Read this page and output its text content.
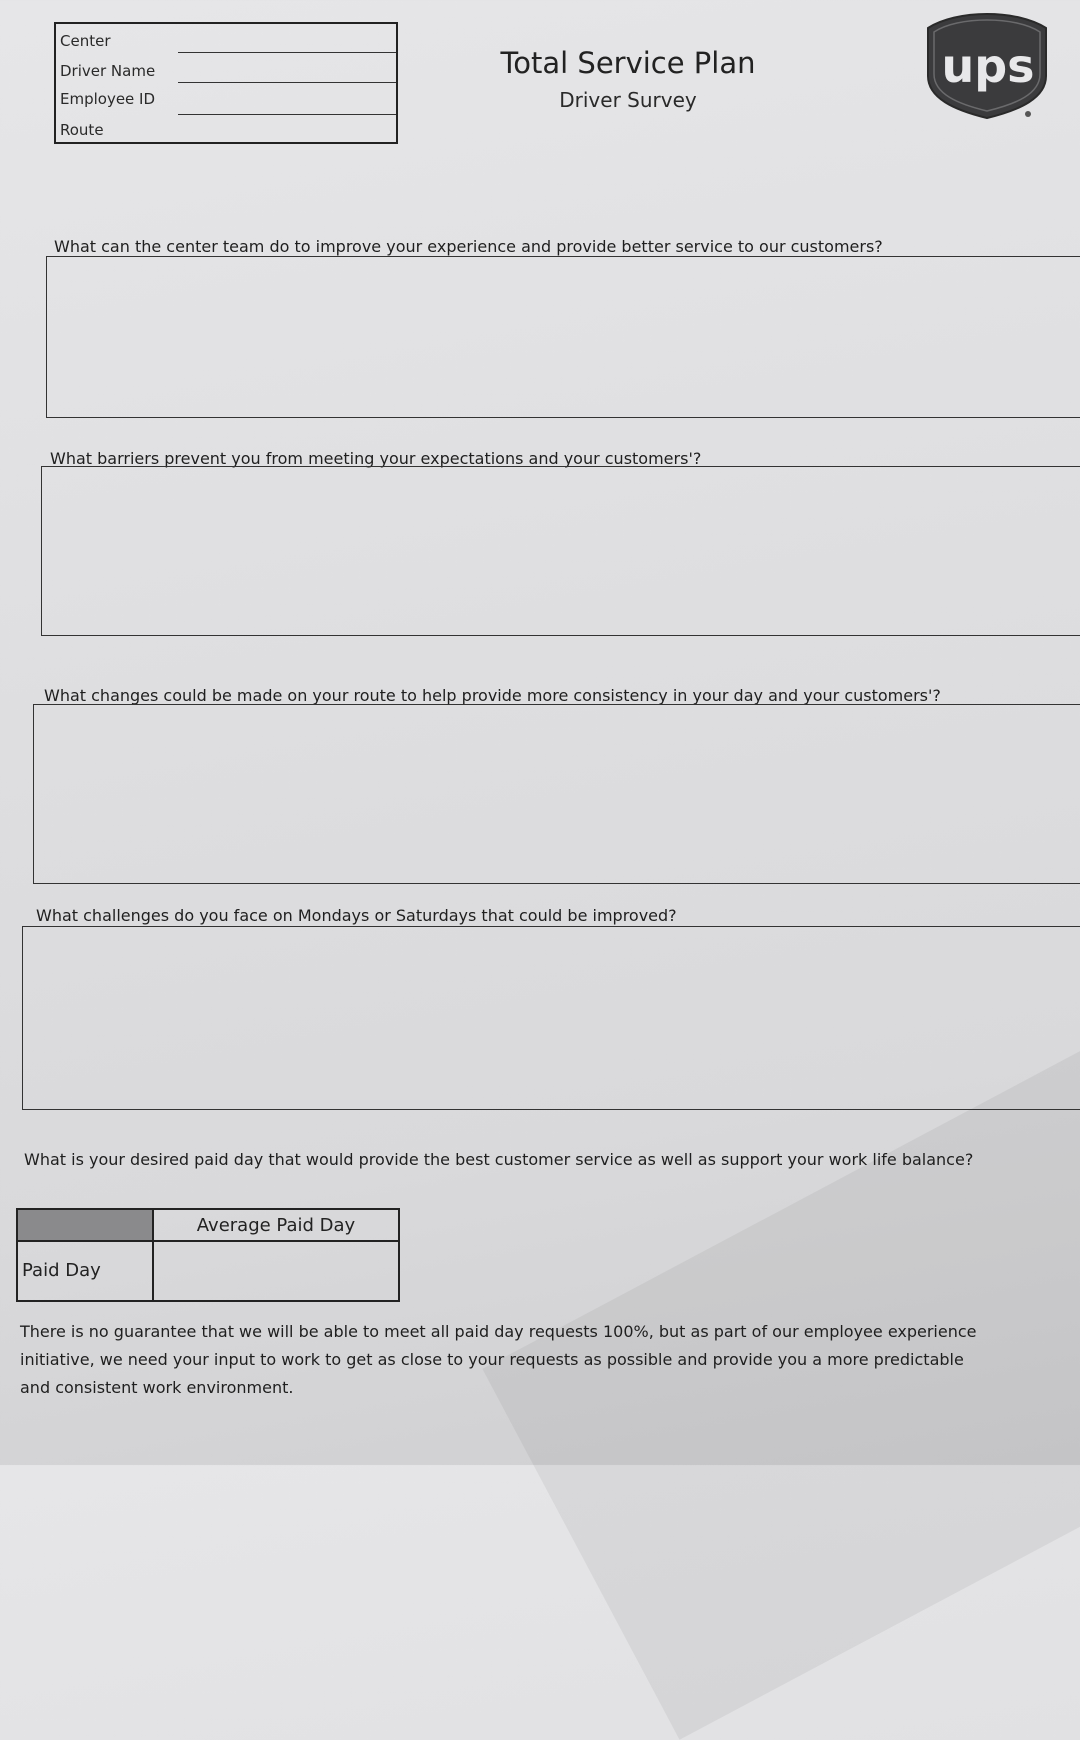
Center
Driver Name
Employee ID
Route
Total Service Plan
Driver Survey
ups
What can the center team do to improve your experience and provide better service to our customers?
What barriers prevent you from meeting your expectations and your customers'?
What changes could be made on your route to help provide more consistency in your day and your customers'?
What challenges do you face on Mondays or Saturdays that could be improved?
What is your desired paid day that would provide the best customer service as well as support your work life balance?
Average Paid Day
Paid Day
There is no guarantee that we will be able to meet all paid day requests 100%, but as part of our employee experience initiative, we need your input to work to get as close to your requests as possible and provide you a more predictable and consistent work environment.
